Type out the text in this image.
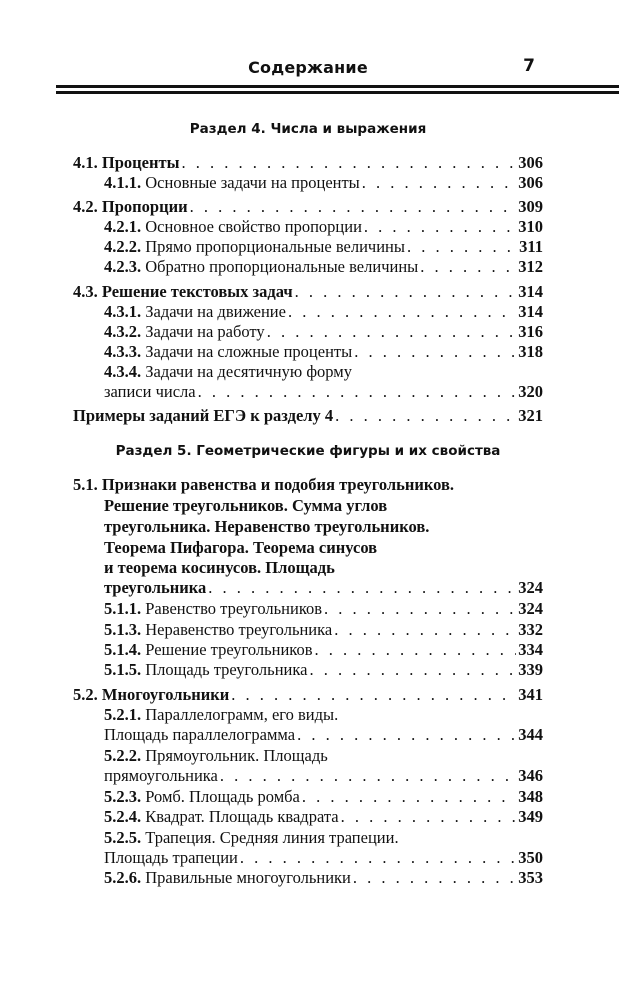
Содержание	7
Раздел 4. Числа и выражения
4.1. Проценты . . .	306
4.1.1. Основные задачи на проценты . . .	306
4.2. Пропорции . . .	309
4.2.1. Основное свойство пропорции . . .	310
4.2.2. Прямо пропорциональные величины . . .	311
4.2.3. Обратно пропорциональные величины . . .	312
4.3. Решение текстовых задач . . .	314
4.3.1. Задачи на движение . . .	314
4.3.2. Задачи на работу . . .	316
4.3.3. Задачи на сложные проценты . . .	318
4.3.4. Задачи на десятичную форму
записи числа . . .	320
Примеры заданий ЕГЭ к разделу 4 . . .	321
Раздел 5. Геометрические фигуры и их свойства
5.1. Признаки равенства и подобия треугольников.
Решение треугольников. Сумма углов
треугольника. Неравенство треугольников.
Теорема Пифагора. Теорема синусов
и теорема косинусов. Площадь
треугольника . . .	324
5.1.1. Равенство треугольников . . .	324
5.1.3. Неравенство треугольника . . .	332
5.1.4. Решение треугольников . . .	334
5.1.5. Площадь треугольника . . .	339
5.2. Многоугольники . . .	341
5.2.1. Параллелограмм, его виды.
Площадь параллелограмма . . .	344
5.2.2. Прямоугольник. Площадь
прямоугольника . . .	346
5.2.3. Ромб. Площадь ромба . . .	348
5.2.4. Квадрат. Площадь квадрата . . .	349
5.2.5. Трапеция. Средняя линия трапеции.
Площадь трапеции . . .	350
5.2.6. Правильные многоугольники . . .	353
